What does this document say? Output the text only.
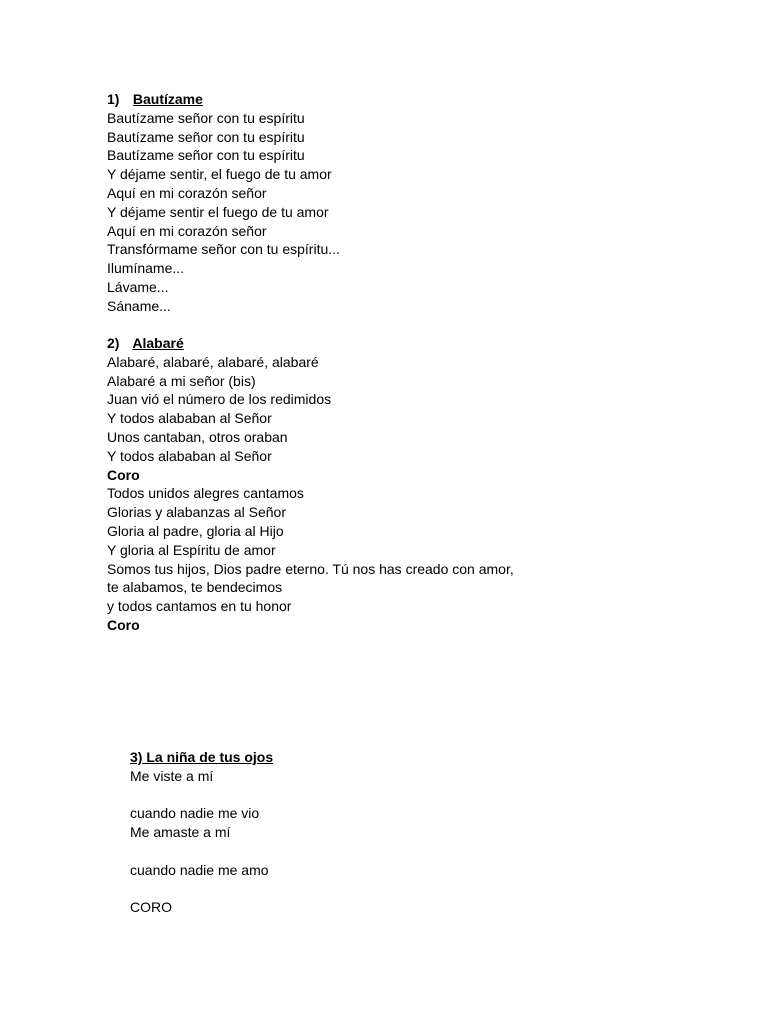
1) Bautízame
Bautízame señor con tu espíritu
Bautízame señor con tu espíritu
Bautízame señor con tu espíritu
Y déjame sentir, el fuego de tu amor
Aquí en mi corazón señor
Y déjame sentir el fuego de tu amor
Aquí en mi corazón señor
Transfórmame señor con tu espíritu...
Ilumíname...
Lávame...
Sáname...
2) Alabaré
Alabaré, alabaré, alabaré, alabaré
Alabaré a mi señor (bis)
Juan vió el número de los redimidos
Y todos alababan al Señor
Unos cantaban, otros oraban
Y todos alababan al Señor
Coro
Todos unidos alegres cantamos
Glorias y alabanzas al Señor
Gloria al padre, gloria al Hijo
Y gloria al Espíritu de amor
Somos tus hijos, Dios padre eterno. Tú nos has creado con amor,
te alabamos, te bendecimos
y todos cantamos en tu honor
Coro
3) La niña de tus ojos
Me viste a mí
cuando nadie me vio
Me amaste a mí
cuando nadie me amo
CORO
